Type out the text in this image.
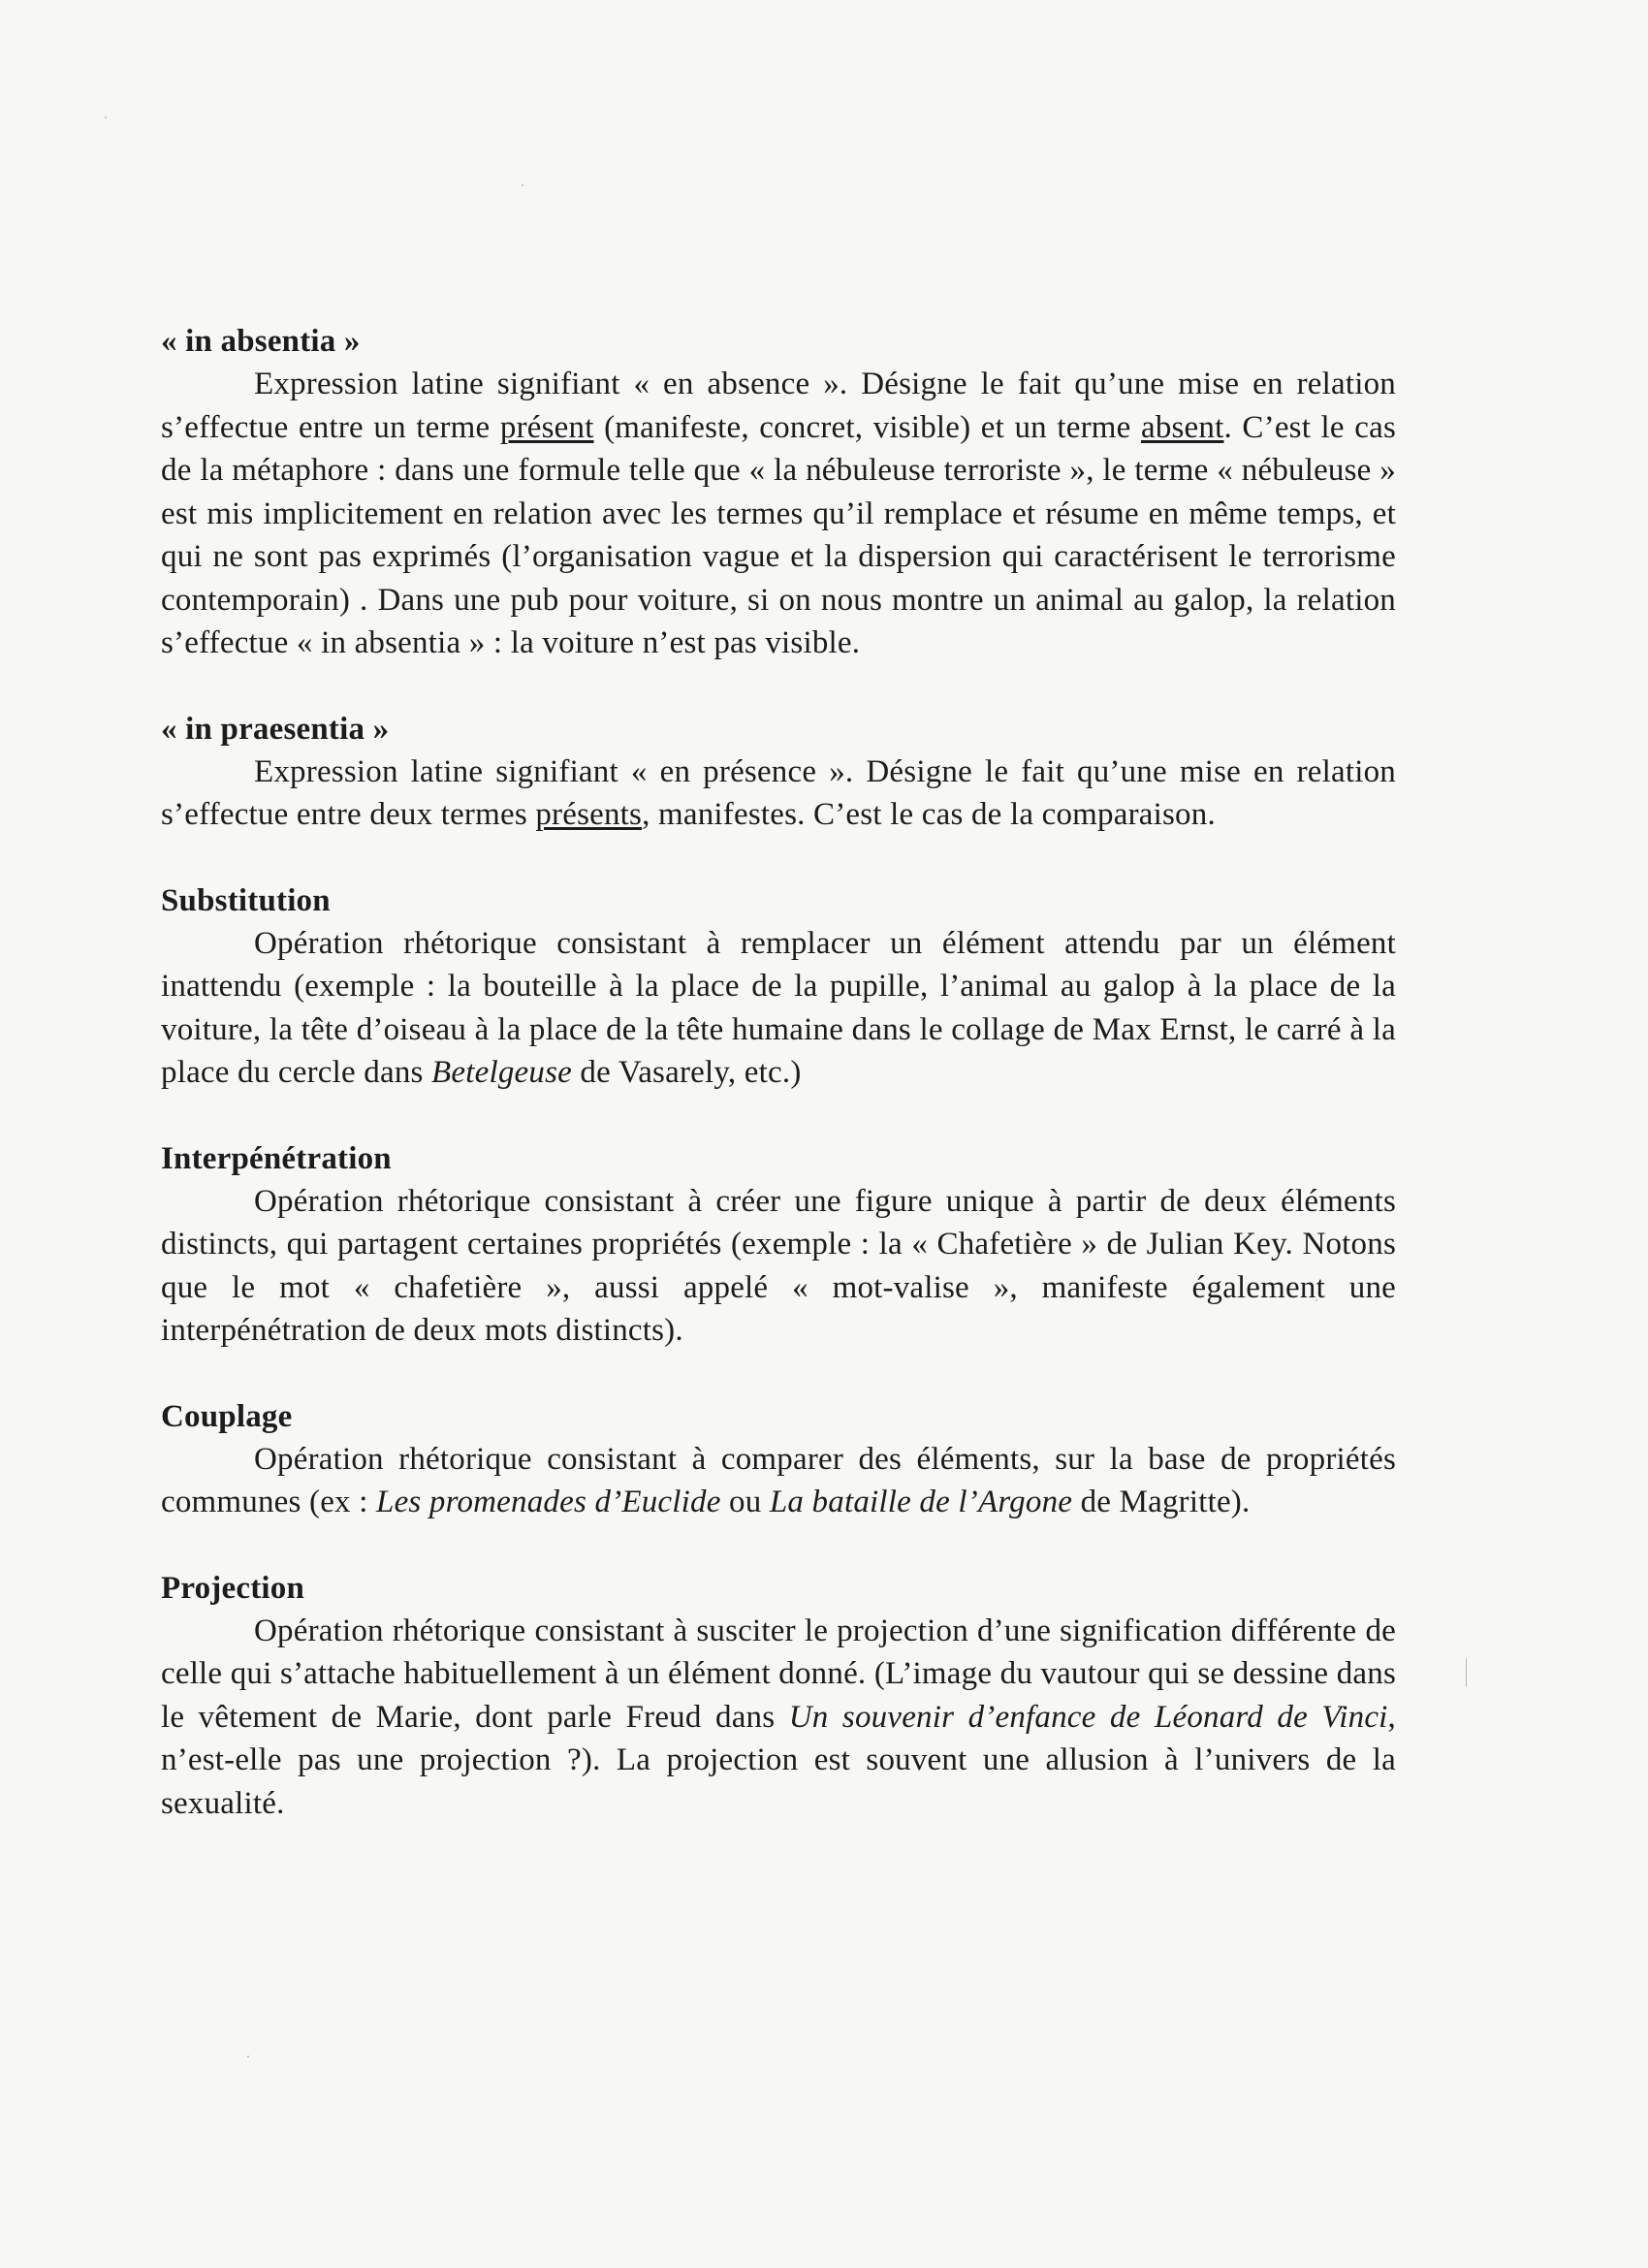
« in absentia »

Expression latine signifiant « en absence ». Désigne le fait qu’une mise en relation s’effectue entre un terme présent (manifeste, concret, visible) et un terme absent. C’est le cas de la métaphore : dans une formule telle que « la nébuleuse terroriste », le terme « nébuleuse » est mis implicitement en relation avec les termes qu’il remplace et résume en même temps, et qui ne sont pas exprimés (l’organisation vague et la dispersion qui caractérisent le terrorisme contemporain) . Dans une pub pour voiture, si on nous montre un animal au galop, la relation s’effectue « in absentia » : la voiture n’est pas visible.

« in praesentia »

Expression latine signifiant « en présence ». Désigne le fait qu’une mise en relation s’effectue entre deux termes présents, manifestes. C’est le cas de la comparaison.

Substitution

Opération rhétorique consistant à remplacer un élément attendu par un élément inattendu (exemple : la bouteille à la place de la pupille, l’animal au galop à la place de la voiture, la tête d’oiseau à la place de la tête humaine dans le collage de Max Ernst, le carré à la place du cercle dans Betelgeuse de Vasarely, etc.)

Interpénétration

Opération rhétorique consistant à créer une figure unique à partir de deux éléments distincts, qui partagent certaines propriétés (exemple : la « Chafetière » de Julian Key. Notons que le mot « chafetière », aussi appelé « mot-valise », manifeste également une interpénétration de deux mots distincts).

Couplage

Opération rhétorique consistant à comparer des éléments, sur la base de propriétés communes (ex : Les promenades d’Euclide ou La bataille de l’Argone de Magritte).

Projection

Opération rhétorique consistant à susciter le projection d’une signification différente de celle qui s’attache habituellement à un élément donné. (L’image du vautour qui se dessine dans le vêtement de Marie, dont parle Freud dans Un souvenir d’enfance de Léonard de Vinci, n’est-elle pas une projection ?). La projection est souvent une allusion à l’univers de la sexualité.
